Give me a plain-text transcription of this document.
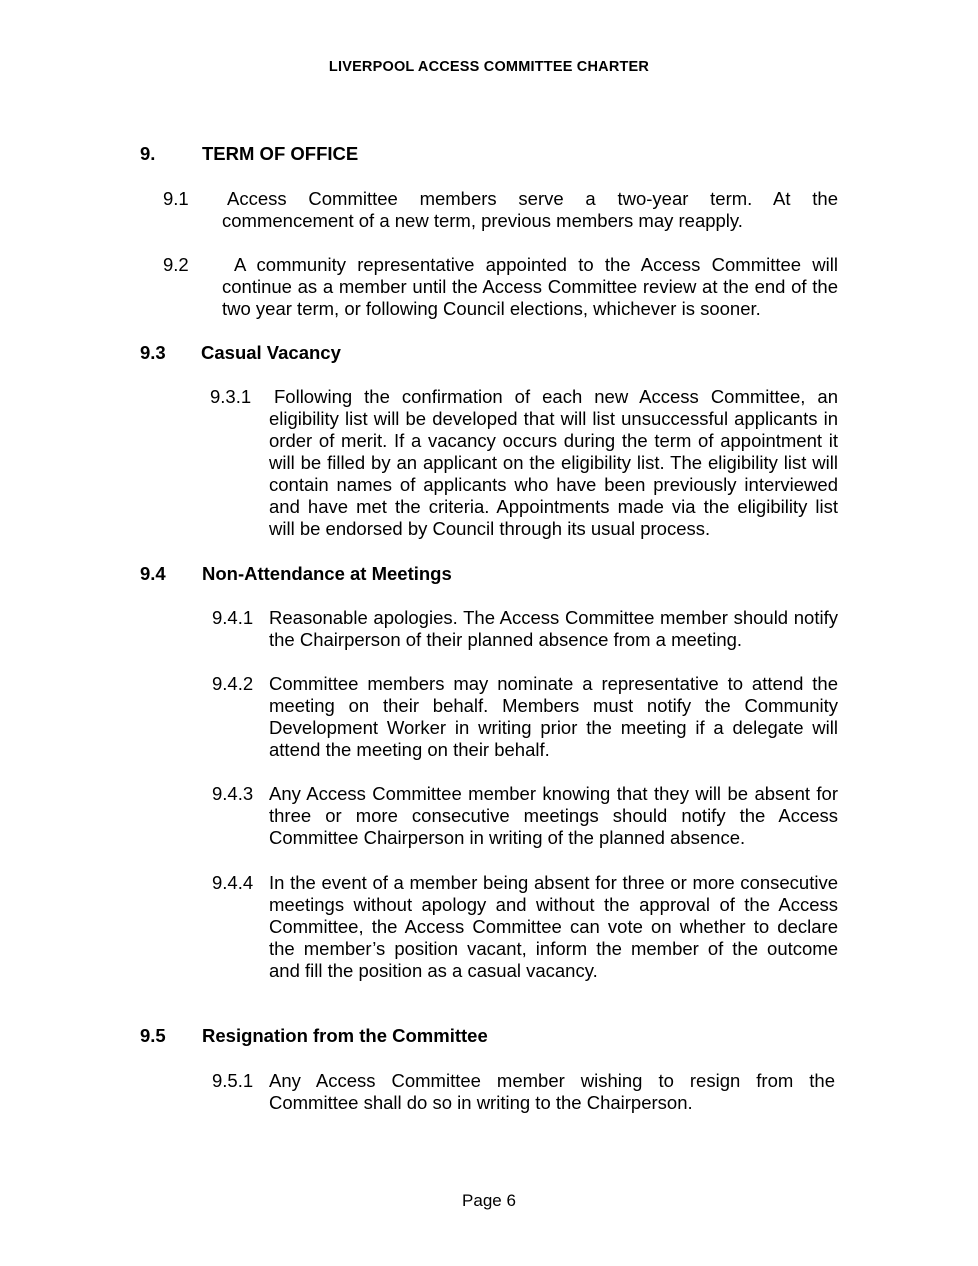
LIVERPOOL ACCESS COMMITTEE CHARTER
9.	TERM OF OFFICE
9.1 Access Committee members serve a two-year term. At the commencement of a new term, previous members may reapply.
9.2	A community representative appointed to the Access Committee will continue as a member until the Access Committee review at the end of the two year term, or following Council elections, whichever is sooner.
9.3 Casual Vacancy
9.3.1 Following the confirmation of each new Access Committee, an eligibility list will be developed that will list unsuccessful applicants in order of merit. If a vacancy occurs during the term of appointment it will be filled by an applicant on the eligibility list. The eligibility list will contain names of applicants who have been previously interviewed and have met the criteria. Appointments made via the eligibility list will be endorsed by Council through its usual process.
9.4 Non-Attendance at Meetings
9.4.1 Reasonable apologies. The Access Committee member should notify the Chairperson of their planned absence from a meeting.
9.4.2 Committee members may nominate a representative to attend the meeting on their behalf. Members must notify the Community Development Worker in writing prior the meeting if a delegate will attend the meeting on their behalf.
9.4.3 Any Access Committee member knowing that they will be absent for three or more consecutive meetings should notify the Access Committee Chairperson in writing of the planned absence.
9.4.4 In the event of a member being absent for three or more consecutive meetings without apology and without the approval of the Access Committee, the Access Committee can vote on whether to declare the member’s position vacant, inform the member of the outcome and fill the position as a casual vacancy.
9.5 Resignation from the Committee
9.5.1 Any Access Committee member wishing to resign from the Committee shall do so in writing to the Chairperson.
Page 6
